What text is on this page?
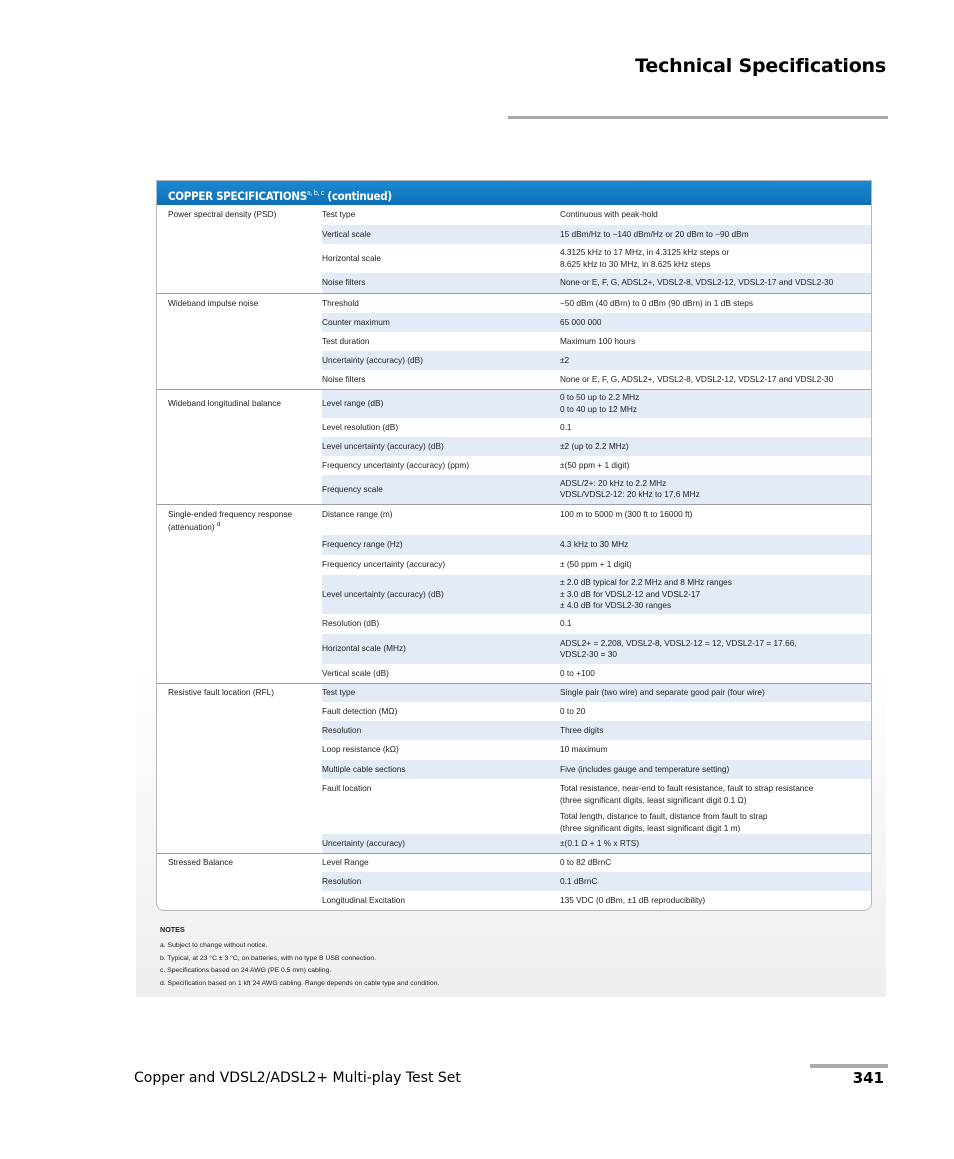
Technical Specifications
COPPER SPECIFICATIONS$^{a, b, c}$ (continued)
Power spectral density (PSD)	Test type	Continuous with peak-hold

	Vertical scale	15 dBm/Hz to −140 dBm/Hz or 20 dBm to −90 dBm

	Horizontal scale	4.3125 kHz to 17 MHz, in 4.3125 kHz steps or
8.625 kHz to 30 MHz, in 8.625 kHz steps

	Noise filters	None or E, F, G, ADSL2+, VDSL2-8, VDSL2-12, VDSL2-17 and VDSL2-30

Wideband impulse noise	Threshold	−50 dBm (40 dBrn) to 0 dBm (90 dBrn) in 1 dB steps

	Counter maximum	65 000 000

	Test duration	Maximum 100 hours

	Uncertainty (accuracy) (dB)	±2

	Noise filters	None or E, F, G, ADSL2+, VDSL2-8, VDSL2-12, VDSL2-17 and VDSL2-30

Wideband longitudinal balance	Level range (dB)	0 to 50 up to 2.2 MHz
0 to 40 up to 12 MHz

	Level resolution (dB)	0.1

	Level uncertainty (accuracy) (dB)	±2 (up to 2.2 MHz)

	Frequency uncertainty (accuracy) (ppm)	±(50 ppm + 1 digit)

	Frequency scale	ADSL/2+: 20 kHz to 2.2 MHz
VDSL/VDSL2-12: 20 kHz to 17.6 MHz

Single-ended frequency response (attenuation) $^d$	Distance range (m)	100 m to 5000 m (300 ft to 16000 ft)

	Frequency range (Hz)	4.3 kHz to 30 MHz

	Frequency uncertainty (accuracy)	± (50 ppm + 1 digit)

	Level uncertainty (accuracy) (dB)	± 2.0 dB typical for 2.2 MHz and 8 MHz ranges
± 3.0 dB for VDSL2-12 and VDSL2-17
± 4.0 dB for VDSL2-30 ranges

	Resolution (dB)	0.1

	Horizontal scale (MHz)	ADSL2+ = 2.208, VDSL2-8, VDSL2-12 = 12, VDSL2-17 = 17.66,
VDSL2-30 = 30

	Vertical scale (dB)	0 to +100

Resistive fault location (RFL)	Test type	Single pair (two wire) and separate good pair (four wire)

	Fault detection (MΩ)	0 to 20

	Resolution	Three digits

	Loop resistance (kΩ)	10 maximum

	Multiple cable sections	Five (includes gauge and temperature setting)

	Fault location	Total resistance, near-end to fault resistance, fault to strap resistance
(three significant digits, least significant digit 0.1 Ω)

Total length, distance to fault, distance from fault to strap
(three significant digits, least significant digit 1 m)

	Uncertainty (accuracy)	±(0.1 Ω + 1 % x RTS)

Stressed Balance	Level Range	0 to 82 dBrnC

	Resolution	0.1 dBrnC

	Longitudinal Excitation	135 VDC (0 dBm, ±1 dB reproducibility)

NOTES
a. Subject to change without notice.
b. Typical, at 23 °C ± 3 °C, on batteries, with no type B USB connection.
c. Specifications based on 24 AWG (PE 0.5 mm) cabling.
d. Specification based on 1 kft 24 AWG cabling. Range depends on cable type and condition.
Copper and VDSL2/ADSL2+ Multi-play Test Set	341
